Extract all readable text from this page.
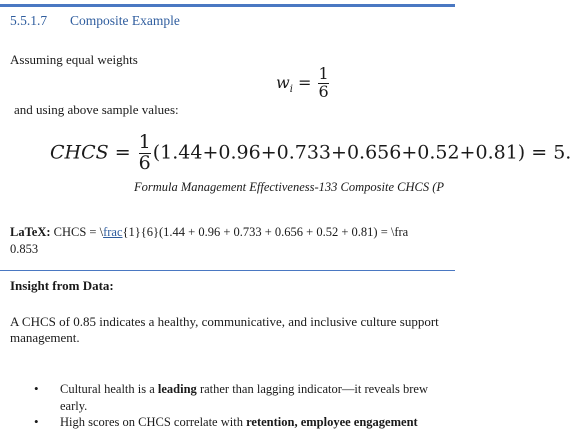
5.5.1.7 Composite Example
Assuming equal weights
$w_i = \frac{1}{6}$
and using above sample values:
CHCS = $\frac{1}{6} (1.44+0.96+0.733+0.656+0.52+0.81) = 5$.
Formula Management Effectiveness-133 Composite CHCS (P
LaTeX: CHCS = \frac{1}{6}(1.44 + 0.96 + 0.733 + 0.656 + 0.52 + 0.81) = \fra
0.853
Insight from Data:
A CHCS of 0.85 indicates a healthy, communicative, and inclusive culture support
management.
• Cultural health is a leading rather than lagging indicator—it reveals brew
early.
• High scores on CHCS correlate with retention, employee engagement
